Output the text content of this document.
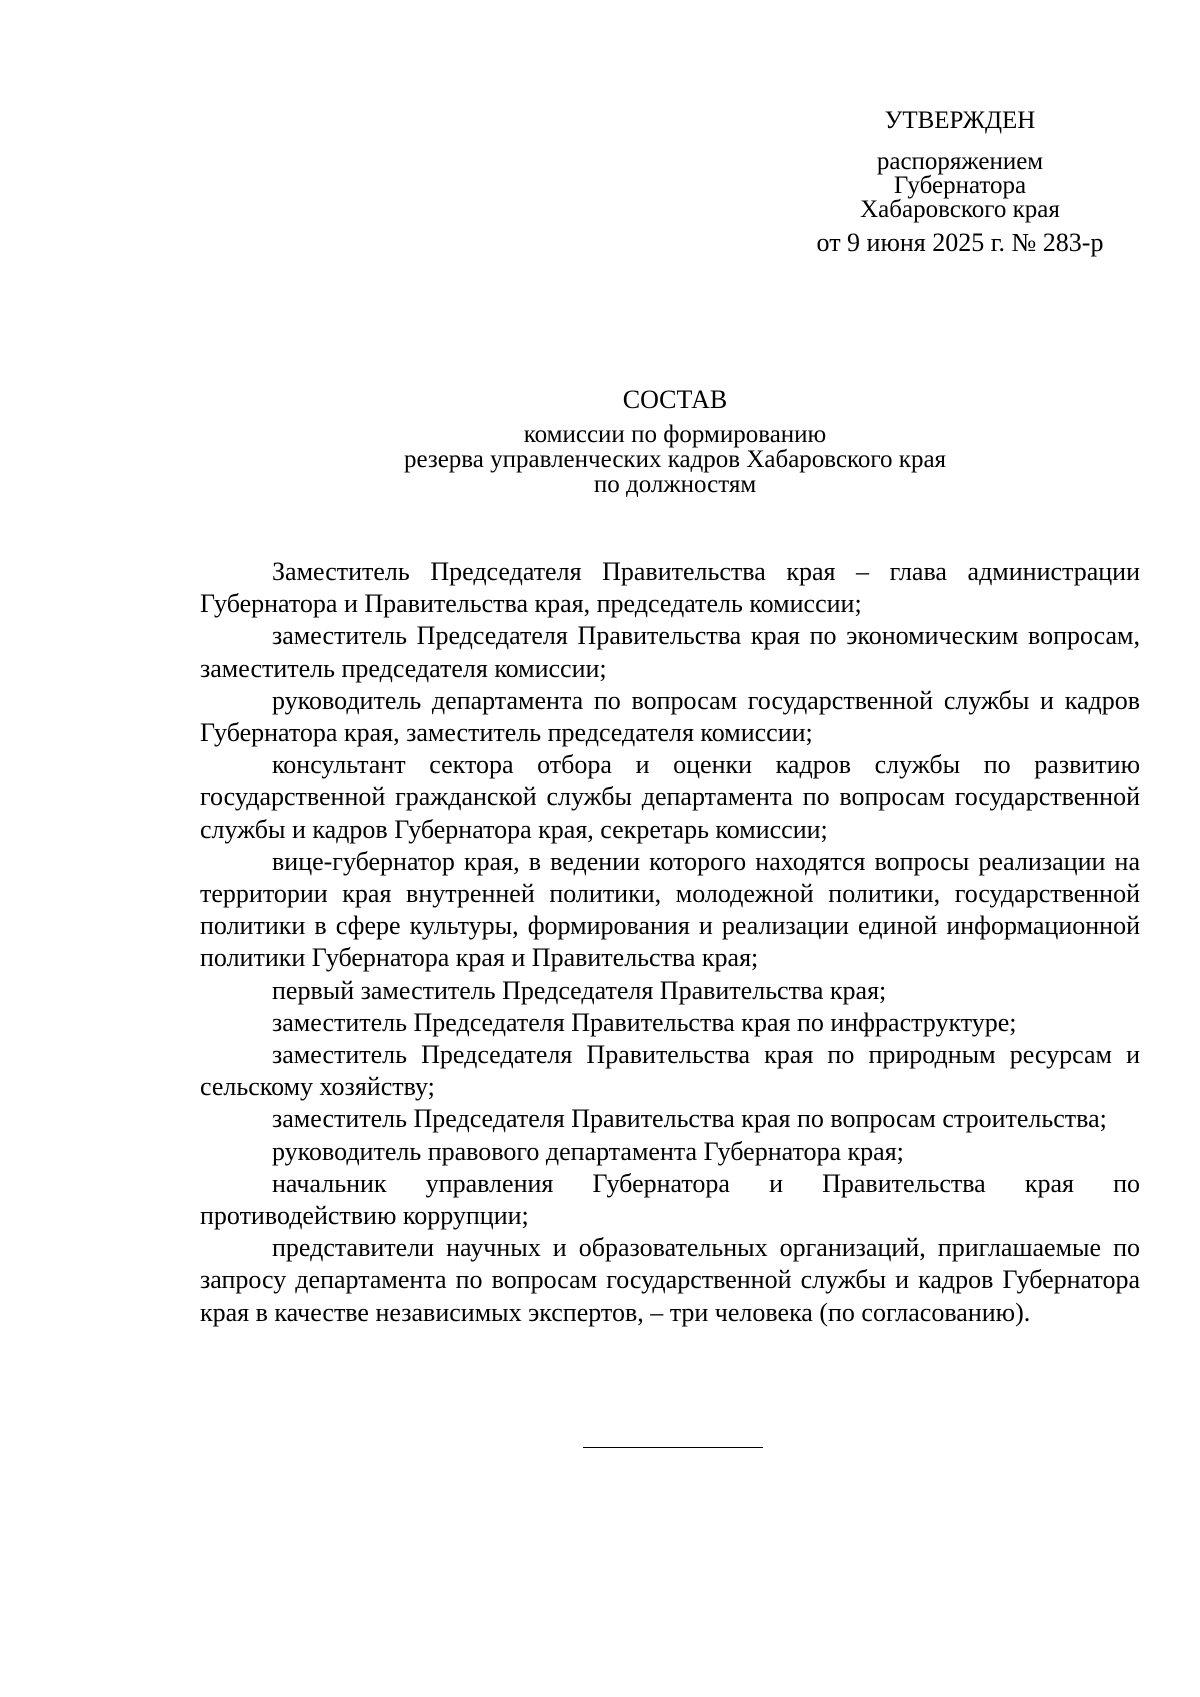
УТВЕРЖДЕН
распоряжением
Губернатора
Хабаровского края
от 9 июня 2025 г. № 283-р
СОСТАВ
комиссии по формированию
резерва управленческих кадров Хабаровского края
по должностям

Заместитель Председателя Правительства края – глава администрации Губернатора и Правительства края, председатель комиссии;

заместитель Председателя Правительства края по экономическим вопросам, заместитель председателя комиссии;

руководитель департамента по вопросам государственной службы и кадров Губернатора края, заместитель председателя комиссии;

консультант сектора отбора и оценки кадров службы по развитию государственной гражданской службы департамента по вопросам государственной службы и кадров Губернатора края, секретарь комиссии;

вице-губернатор края, в ведении которого находятся вопросы реализации на территории края внутренней политики, молодежной политики, государственной политики в сфере культуры, формирования и реализации единой информационной политики Губернатора края и Правительства края;

первый заместитель Председателя Правительства края;

заместитель Председателя Правительства края по инфраструктуре;

заместитель Председателя Правительства края по природным ресурсам и сельскому хозяйству;

заместитель Председателя Правительства края по вопросам строительства;

руководитель правового департамента Губернатора края;

начальник управления Губернатора и Правительства края по противодействию коррупции;

представители научных и образовательных организаций, приглашаемые по запросу департамента по вопросам государственной службы и кадров Губернатора края в качестве независимых экспертов, – три человека (по согласованию).
